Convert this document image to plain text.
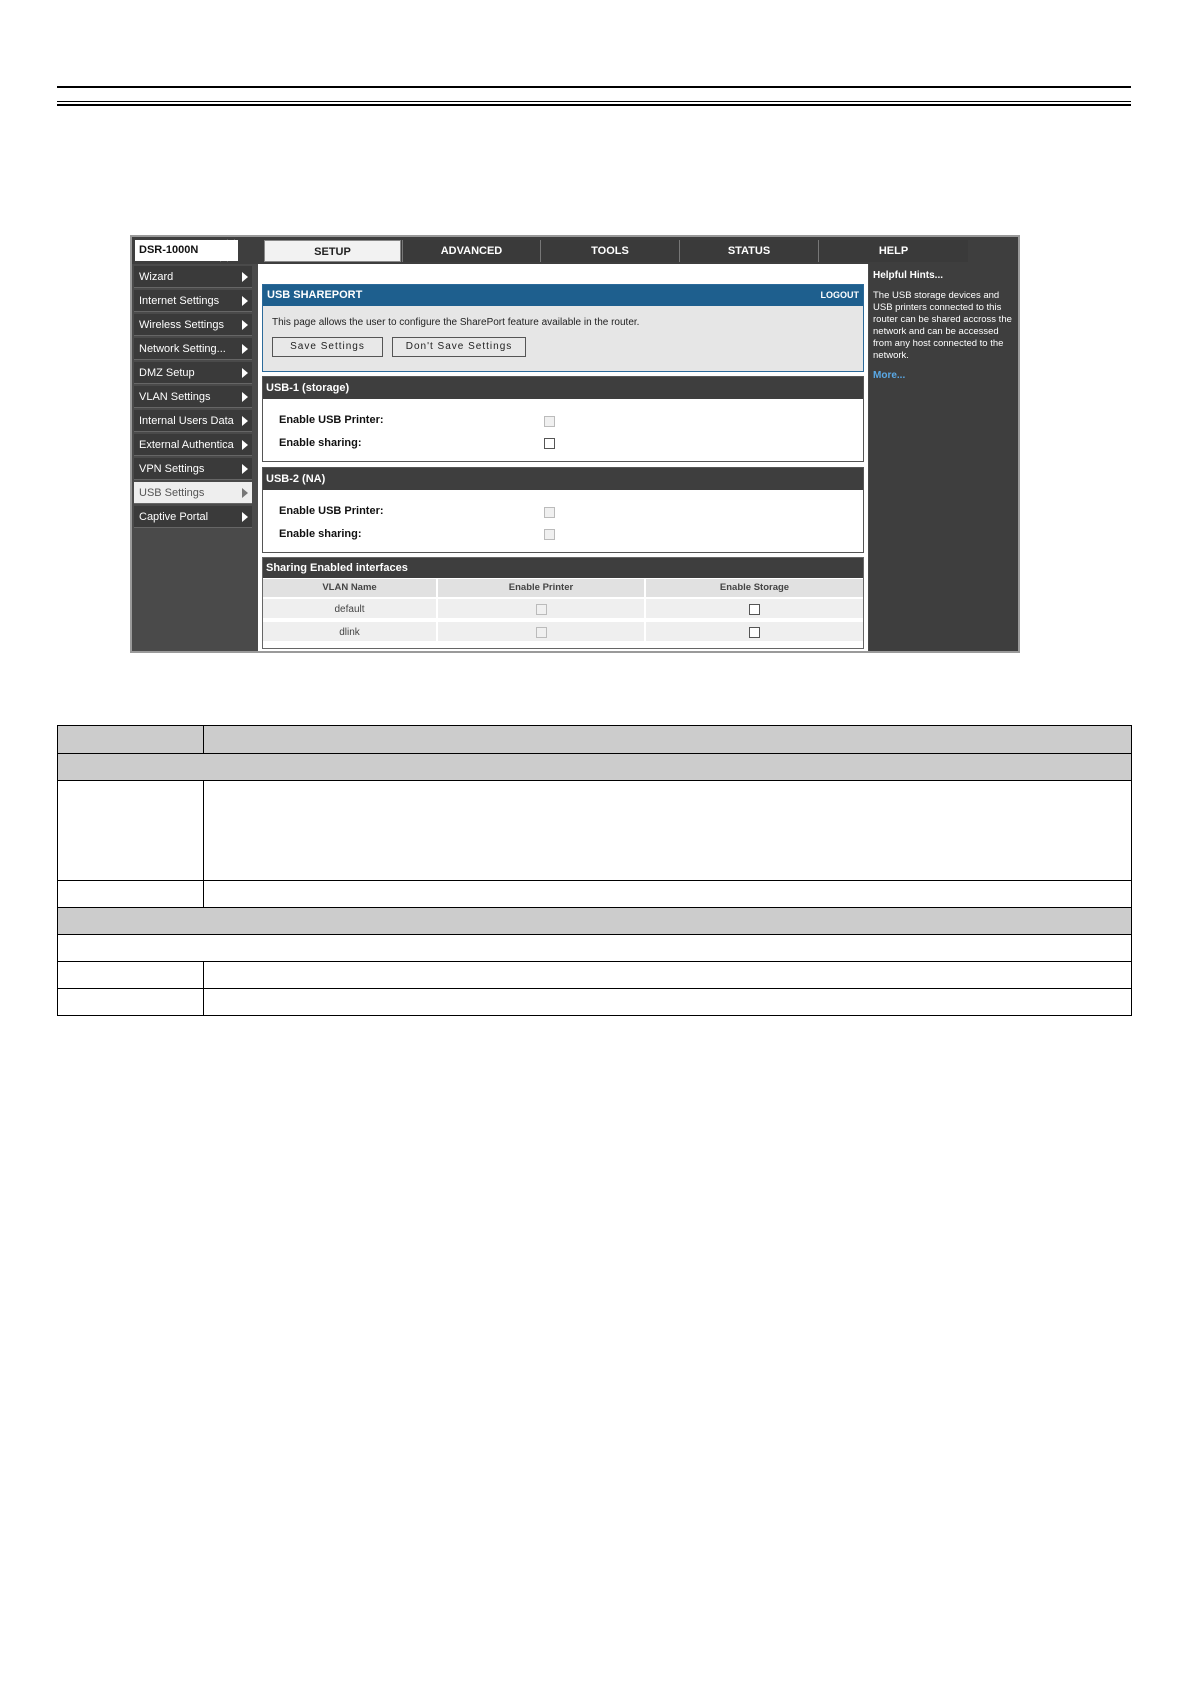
DSR-1000N	SETUP	ADVANCED	TOOLS	STATUS	HELP
Wizard
Internet Settings
Wireless Settings
Network Setting...
DMZ Setup
VLAN Settings
Internal Users Data
External Authentica
VPN Settings
USB Settings
Captive Portal
USB SHAREPORT	LOGOUT
This page allows the user to configure the SharePort feature available in the router.
Save Settings	Don't Save Settings
USB-1 (storage)
Enable USB Printer:
Enable sharing:
USB-2 (NA)
Enable USB Printer:
Enable sharing:
Sharing Enabled interfaces
VLAN Name	Enable Printer	Enable Storage
default
dlink
Helpful Hints...
The USB storage devices and USB printers connected to this router can be shared accross the network and can be accessed from any host connected to the network.
More...
